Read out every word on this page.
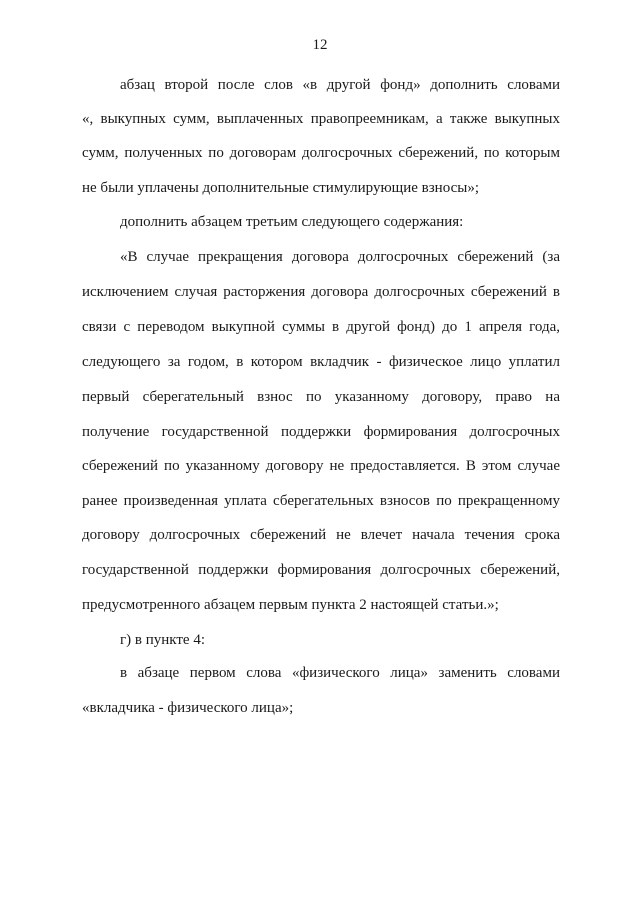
12
абзац второй после слов «в другой фонд» дополнить словами
«, выкупных сумм, выплаченных правопреемникам, а также выкупных
сумм, полученных по договорам долгосрочных сбережений, по которым
не были уплачены дополнительные стимулирующие взносы»;
дополнить абзацем третьим следующего содержания:
«В случае прекращения договора долгосрочных сбережений (за
исключением случая расторжения договора долгосрочных сбережений в
связи с переводом выкупной суммы в другой фонд) до 1 апреля года,
следующего за годом, в котором вкладчик - физическое лицо уплатил
первый сберегательный взнос по указанному договору, право на
получение государственной поддержки формирования долгосрочных
сбережений по указанному договору не предоставляется. В этом случае
ранее произведенная уплата сберегательных взносов по прекращенному
договору долгосрочных сбережений не влечет начала течения срока
государственной поддержки формирования долгосрочных сбережений,
предусмотренного абзацем первым пункта 2 настоящей статьи.»;
г) в пункте 4:
в абзаце первом слова «физического лица» заменить словами
«вкладчика - физического лица»;
